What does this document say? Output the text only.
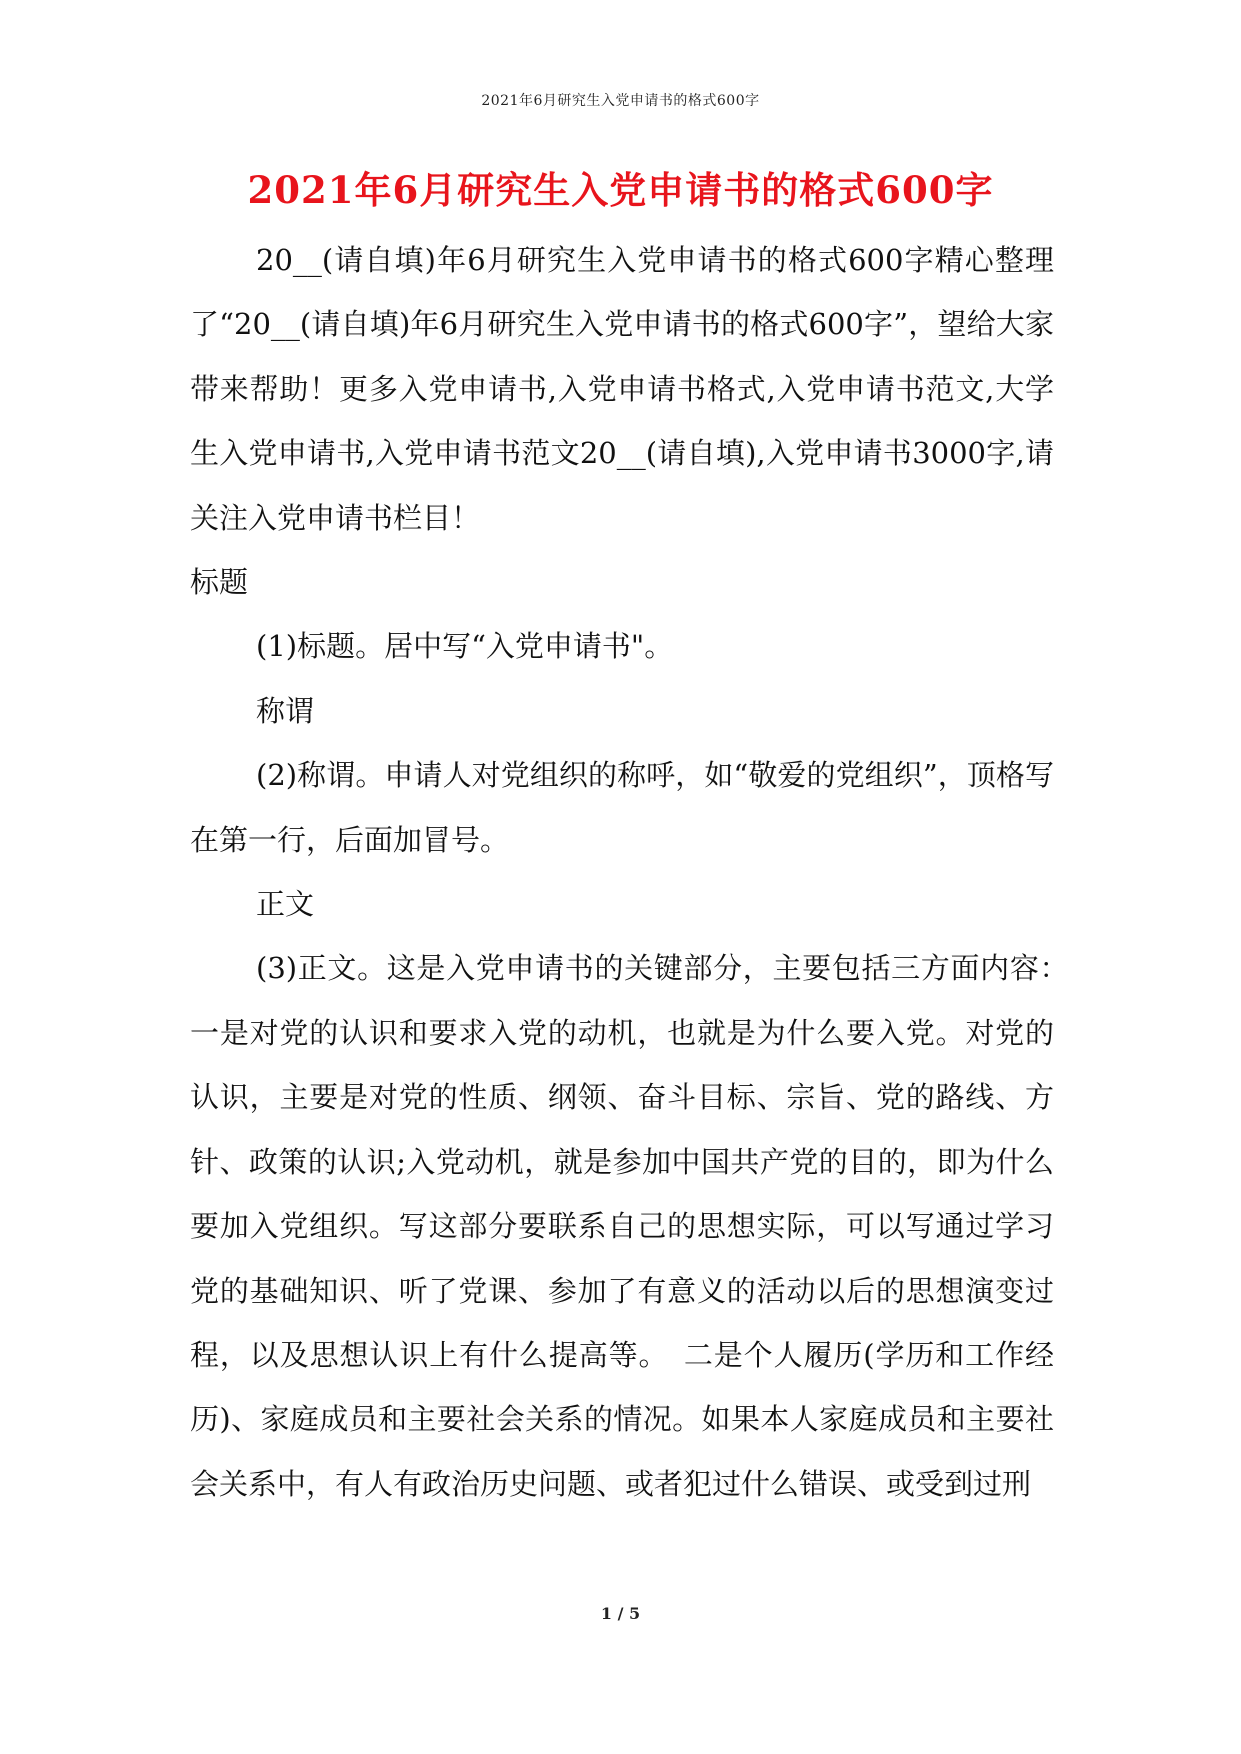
2021年6月研究生入党申请书的格式600字
2021年6月研究生入党申请书的格式600字

20__(请自填)年6月研究生入党申请书的格式600字精心整理了“20__(请自填)年6月研究生入党申请书的格式600字”，望给大家带来帮助！更多入党申请书,入党申请书格式,入党申请书范文,大学生入党申请书,入党申请书范文20__(请自填),入党申请书3000字,请关注入党申请书栏目！

标题

(1)标题。居中写“入党申请书"。

称谓

(2)称谓。申请人对党组织的称呼，如“敬爱的党组织”，顶格写在第一行，后面加冒号。

正文

(3)正文。这是入党申请书的关键部分，主要包括三方面内容：　一是对党的认识和要求入党的动机，也就是为什么要入党。对党的认识，主要是对党的性质、纲领、奋斗目标、宗旨、党的路线、方针、政策的认识;入党动机，就是参加中国共产党的目的，即为什么要加入党组织。写这部分要联系自己的思想实际，可以写通过学习党的基础知识、听了党课、参加了有意义的活动以后的思想演变过程，以及思想认识上有什么提高等。　二是个人履历(学历和工作经历)、家庭成员和主要社会关系的情况。如果本人家庭成员和主要社会关系中，有人有政治历史问题、或者犯过什么错误、或受到过刑

1 / 5
